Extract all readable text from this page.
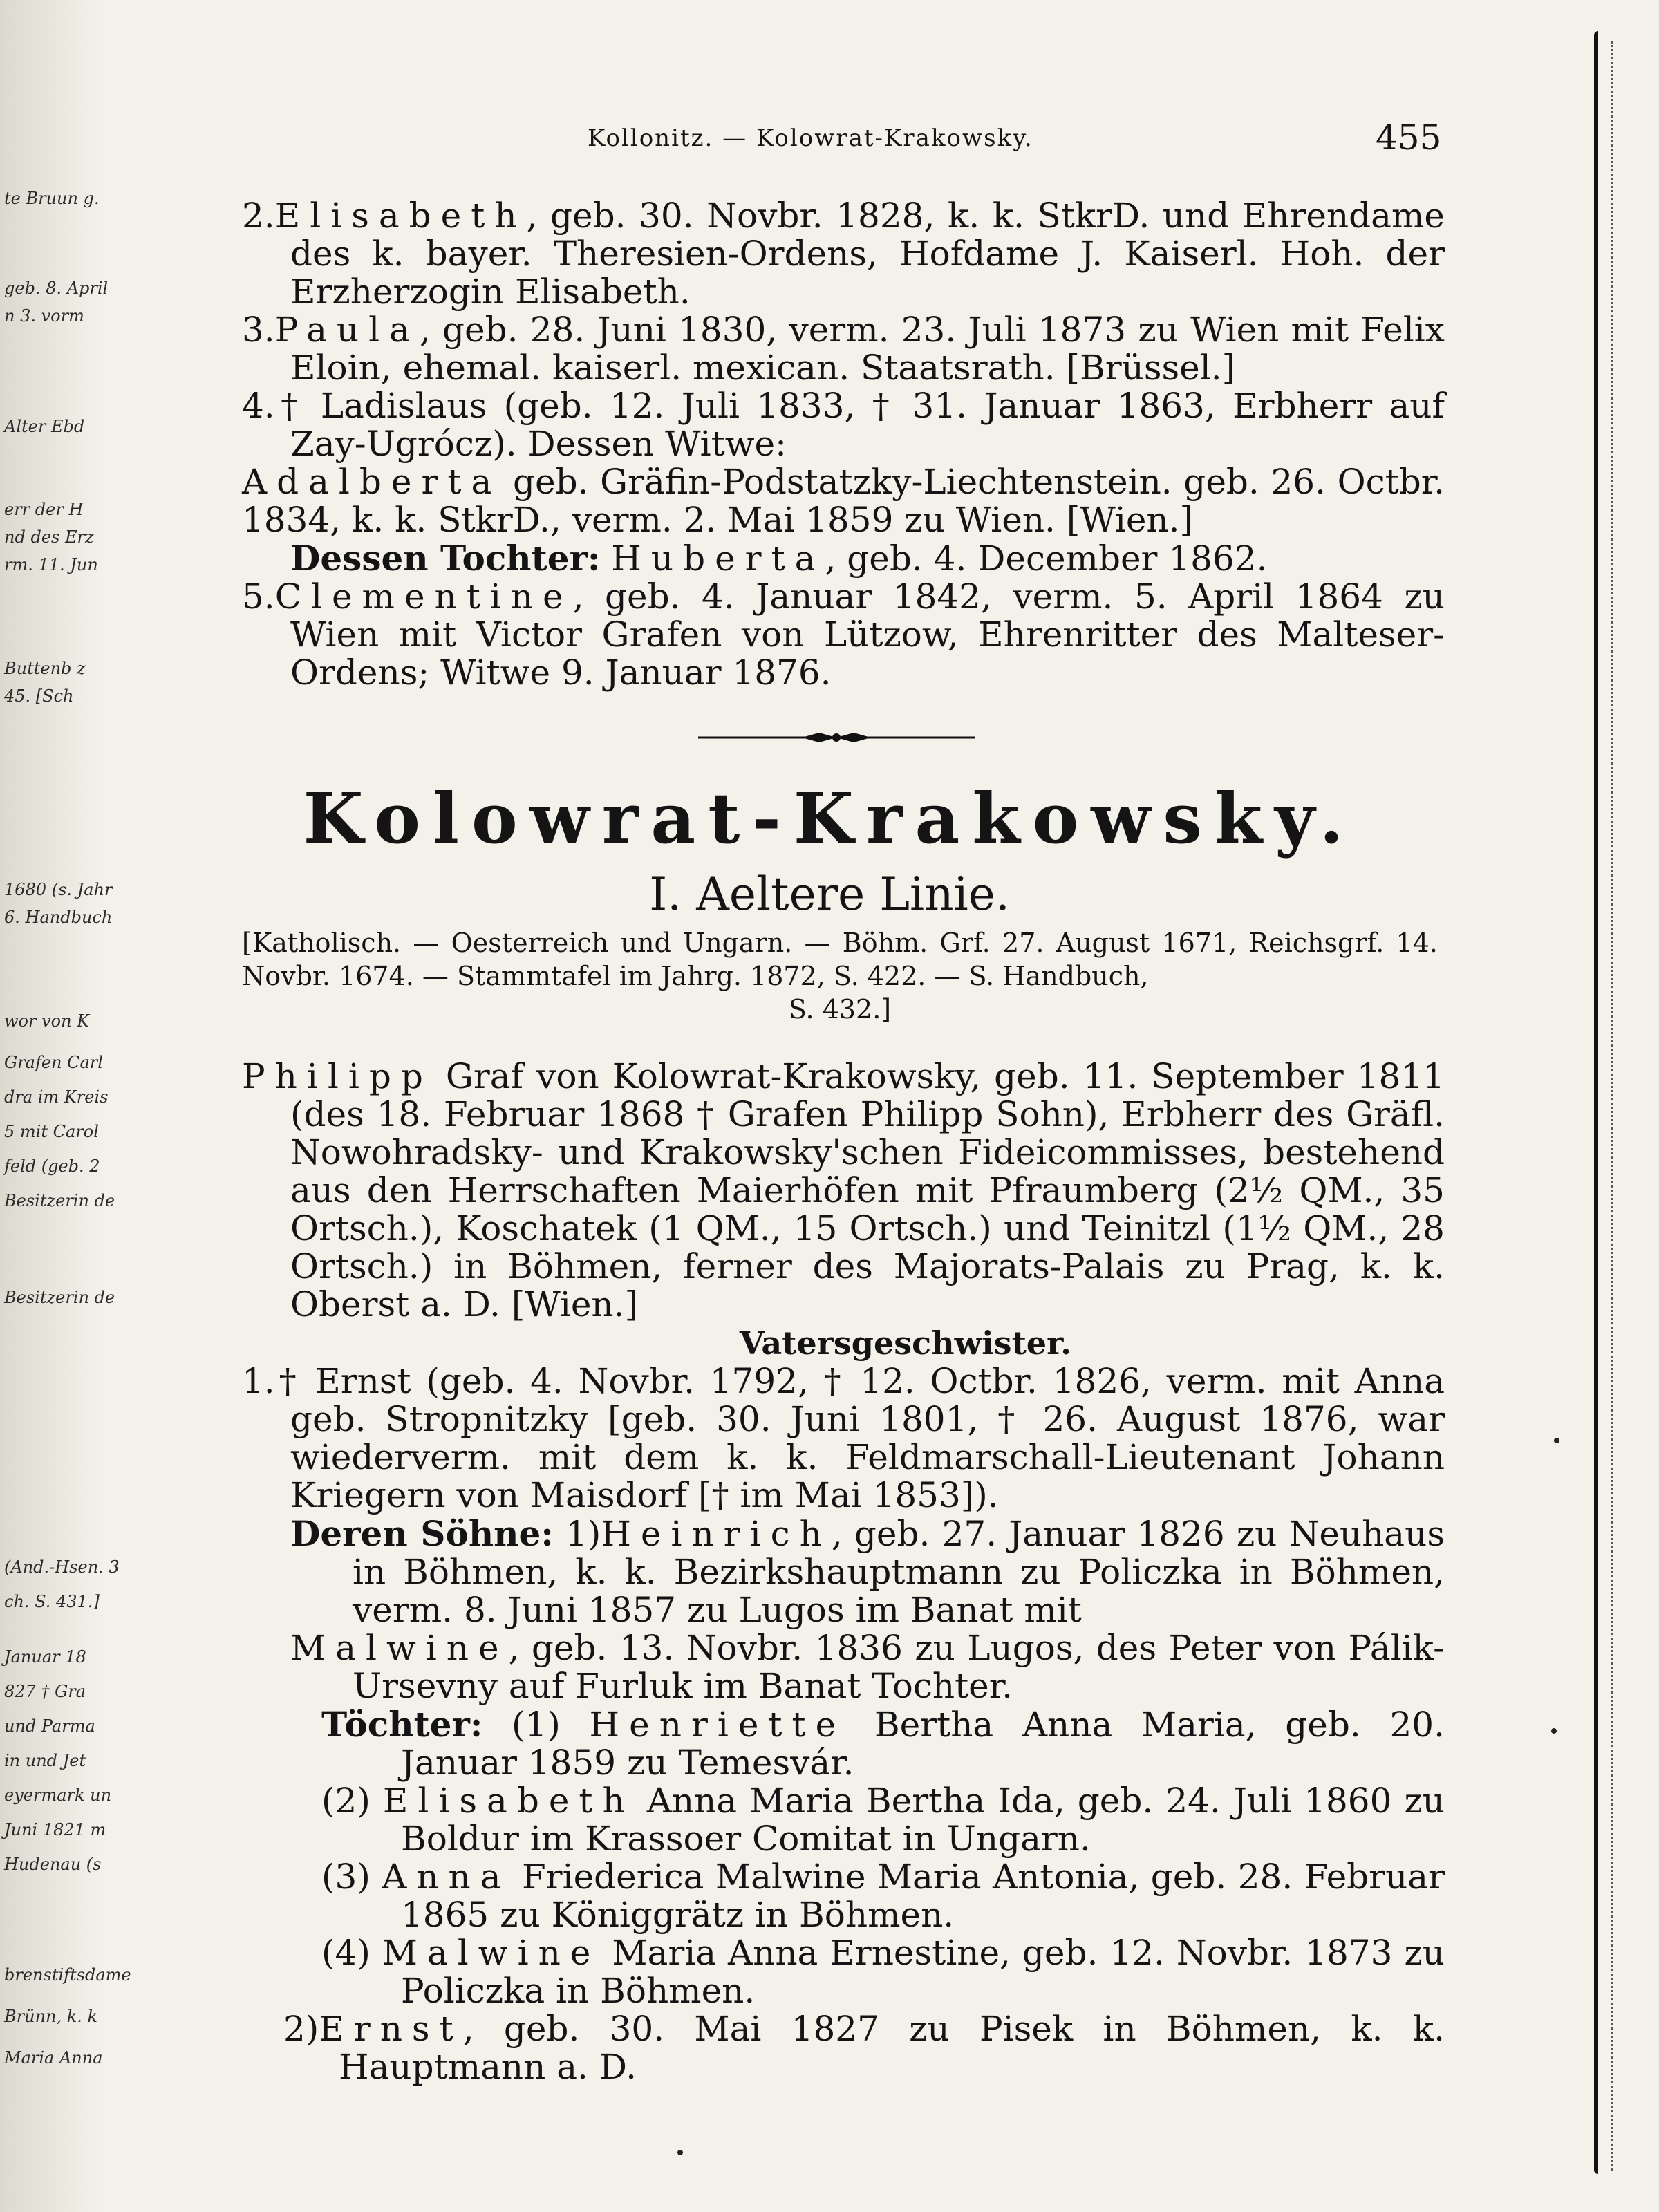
te Bruun g.
geb. 8. April
n 3. vorm
Alter Ebd
err der H
nd des Erz
rm. 11. Jun
Buttenb z
45. [Sch
1680 (s. Jahr
6. Handbuch
wor von K
Grafen Carl
dra im Kreis
5 mit Carol
feld (geb. 2
Besitzerin de
Besitzerin de
(And.-Hsen. 3
ch. S. 431.]
Januar 18
827 † Gra
und Parma
in und Jet
eyermark un
Juni 1821 m
Hudenau (s
brenstiftsdame
Brünn, k. k
Maria Anna
Kollonitz. — Kolowrat-Krakowsky.	455

2.Elisabeth, geb. 30. Novbr. 1828, k. k. StkrD. und Ehrendame des k. bayer. Theresien-Ordens, Hofdame J. Kaiserl. Hoh. der Erzherzogin Elisabeth.

3.Paula, geb. 28. Juni 1830, verm. 23. Juli 1873 zu Wien mit Felix Eloin, ehemal. kaiserl. mexican. Staatsrath. [Brüssel.]

4.† Ladislaus (geb. 12. Juli 1833, † 31. Januar 1863, Erbherr auf Zay-Ugrócz). Dessen Witwe:

Adalberta geb. Gräfin-Podstatzky-Liechtenstein. geb. 26. Octbr. 1834, k. k. StkrD., verm. 2. Mai 1859 zu Wien. [Wien.]

Dessen Tochter: Huberta, geb. 4. December 1862.

5.Clementine, geb. 4. Januar 1842, verm. 5. April 1864 zu Wien mit Victor Grafen von Lützow, Ehrenritter des Malteser-Ordens; Witwe 9. Januar 1876.

Kolowrat-Krakowsky.
I. Aeltere Linie.
[Katholisch. — Oesterreich und Ungarn. — Böhm. Grf. 27. August 1671, Reichsgrf. 14. Novbr. 1674. — Stammtafel im Jahrg. 1872, S. 422. — S. Handbuch,
S. 432.]

Philipp Graf von Kolowrat-Krakowsky, geb. 11. September 1811 (des 18. Februar 1868 † Grafen Philipp Sohn), Erbherr des Gräfl. Nowohradsky- und Krakowsky'schen Fideicommisses, bestehend aus den Herrschaften Maierhöfen mit Pfraumberg (2½ QM., 35 Ortsch.), Koschatek (1 QM., 15 Ortsch.) und Teinitzl (1½ QM., 28 Ortsch.) in Böhmen, ferner des Majorats-Palais zu Prag, k. k. Oberst a. D. [Wien.]

Vatersgeschwister.

1.† Ernst (geb. 4. Novbr. 1792, † 12. Octbr. 1826, verm. mit Anna geb. Stropnitzky [geb. 30. Juni 1801, † 26. August 1876, war wiederverm. mit dem k. k. Feldmarschall-Lieutenant Johann Kriegern von Maisdorf [† im Mai 1853]).

Deren Söhne: 1)Heinrich, geb. 27. Januar 1826 zu Neuhaus in Böhmen, k. k. Bezirkshauptmann zu Policzka in Böhmen, verm. 8. Juni 1857 zu Lugos im Banat mit

Malwine, geb. 13. Novbr. 1836 zu Lugos, des Peter von Pálik-Ursevny auf Furluk im Banat Tochter.

Töchter: (1) Henriette Bertha Anna Maria, geb. 20. Januar 1859 zu Temesvár.

(2) Elisabeth Anna Maria Bertha Ida, geb. 24. Juli 1860 zu Boldur im Krassoer Comitat in Ungarn.

(3) Anna Friederica Malwine Maria Antonia, geb. 28. Februar 1865 zu Königgrätz in Böhmen.

(4) Malwine Maria Anna Ernestine, geb. 12. Novbr. 1873 zu Policzka in Böhmen.

2)Ernst, geb. 30. Mai 1827 zu Pisek in Böhmen, k. k. Hauptmann a. D.
